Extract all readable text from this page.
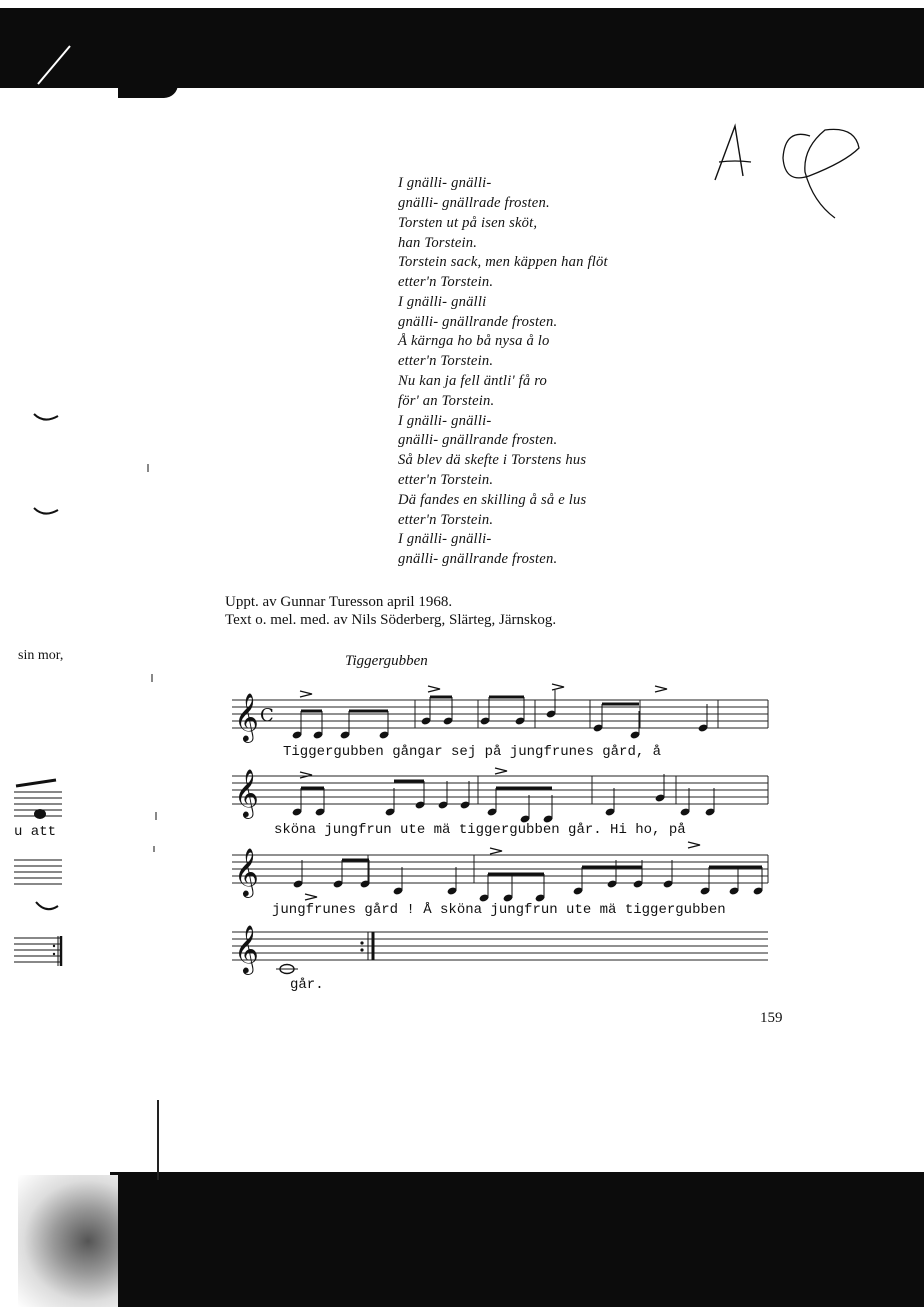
sin mor,
u att
I gnälli- gnälli-
gnälli- gnällrade frosten.
Torsten ut på isen sköt,
han Torstein.
Torstein sack, men käppen han flöt
etter'n Torstein.
I gnälli- gnälli
gnälli- gnällrande frosten.
Å kärnga ho bå nysa å lo
etter'n Torstein.
Nu kan ja fell äntli' få ro
för' an Torstein.
I gnälli- gnälli-
gnälli- gnällrande frosten.
Så blev dä skefte i Torstens hus
etter'n Torstein.
Dä fandes en skilling å så e lus
etter'n Torstein.
I gnälli- gnälli-
gnälli- gnällrande frosten.
Uppt. av Gunnar Turesson april 1968.
Text o. mel. med. av Nils Söderberg, Slärteg, Järnskog.
Tiggergubben
𝄞 C
𝄞
𝄞
𝄞
Tiggergubben gångar sej på jungfrunes gård, å
sköna jungfrun ute mä tiggergubben går. Hi ho, på
jungfrunes gård ! Å sköna jungfrun ute mä tiggergubben
går.
159
